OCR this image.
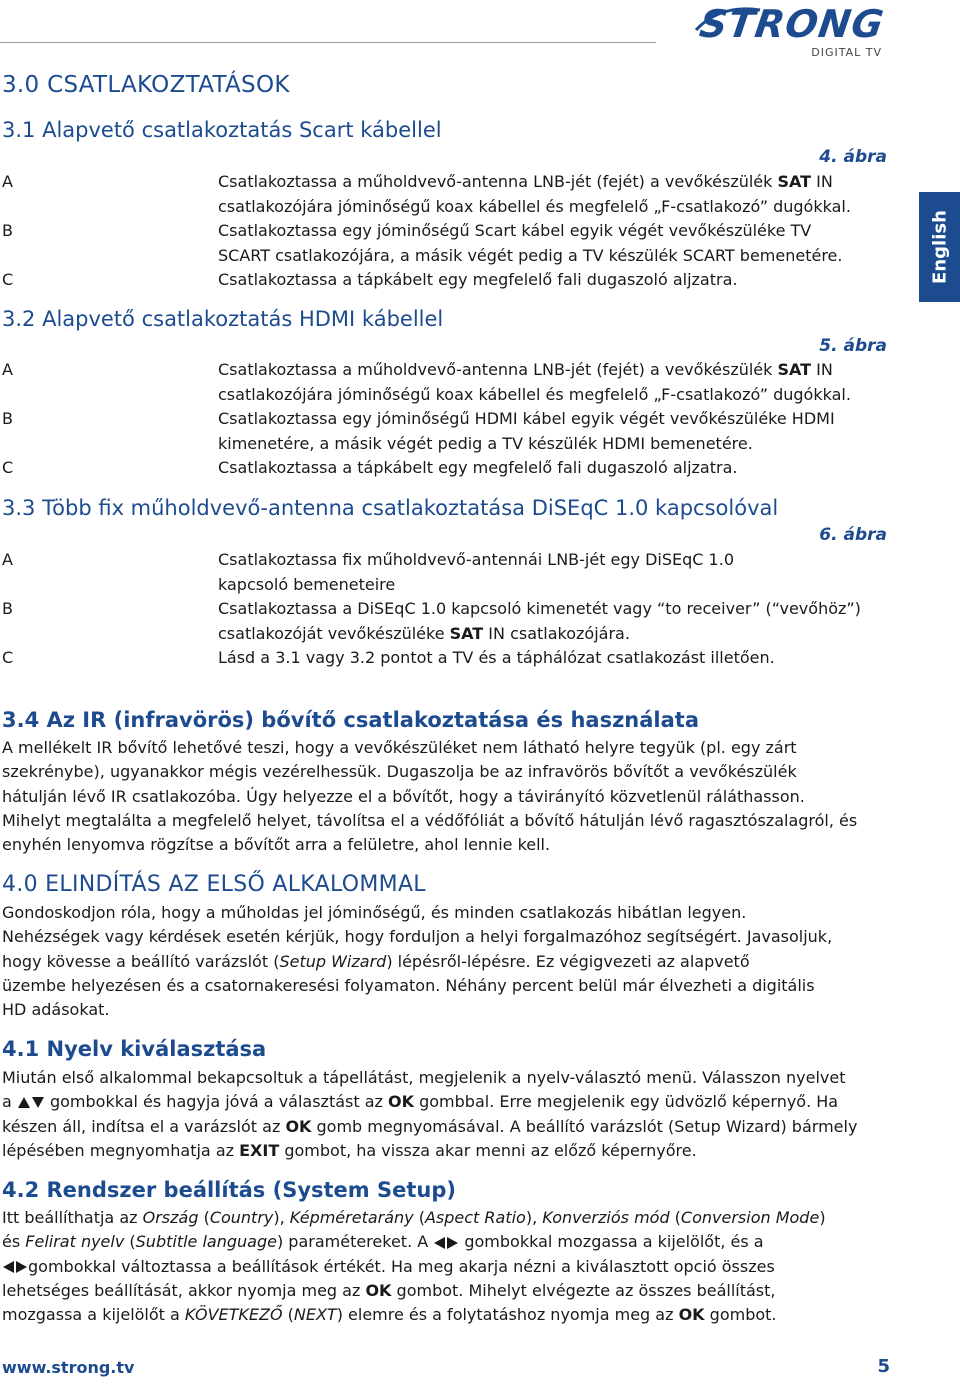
STRONG
DIGITAL TV
English
3.0 CSATLAKOZTATÁSOK
3.1 Alapvető csatlakoztatás Scart kábellel
4. ábra
A	Csatlakoztassa a műholdvevő-antenna LNB-jét (fejét) a vevőkészülék SAT IN
csatlakozójára jóminőségű koax kábellel és megfelelő „F-csatlakozó” dugókkal.
B	Csatlakoztassa egy jóminőségű Scart kábel egyik végét vevőkészüléke TV
SCART csatlakozójára, a másik végét pedig a TV készülék SCART bemenetére.
C	Csatlakoztassa a tápkábelt egy megfelelő fali dugaszoló aljzatra.
3.2 Alapvető csatlakoztatás HDMI kábellel
5. ábra
A	Csatlakoztassa a műholdvevő-antenna LNB-jét (fejét) a vevőkészülék SAT IN
csatlakozójára jóminőségű koax kábellel és megfelelő „F-csatlakozó” dugókkal.
B	Csatlakoztassa egy jóminőségű HDMI kábel egyik végét vevőkészüléke HDMI
kimenetére, a másik végét pedig a TV készülék HDMI bemenetére.
C	Csatlakoztassa a tápkábelt egy megfelelő fali dugaszoló aljzatra.
3.3 Több fix műholdvevő-antenna csatlakoztatása DiSEqC 1.0 kapcsolóval
6. ábra
A	Csatlakoztassa fix műholdvevő-antennái LNB-jét egy DiSEqC 1.0
kapcsoló bemeneteire
B	Csatlakoztassa a DiSEqC 1.0 kapcsoló kimenetét vagy “to receiver” (“vevőhöz”)
csatlakozóját vevőkészüléke SAT IN csatlakozójára.
C	Lásd a 3.1 vagy 3.2 pontot a TV és a táphálózat csatlakozást illetően.
3.4 Az IR (infravörös) bővítő csatlakoztatása és használata
A mellékelt IR bővítő lehetővé teszi, hogy a vevőkészüléket nem látható helyre tegyük (pl. egy zárt
szekrénybe), ugyanakkor mégis vezérelhessük. Dugaszolja be az infravörös bővítőt a vevőkészülék
hátulján lévő IR csatlakozóba. Úgy helyezze el a bővítőt, hogy a távirányító közvetlenül ráláthasson.
Mihelyt megtalálta a megfelelő helyet, távolítsa el a védőfóliát a bővítő hátulján lévő ragasztószalagról, és
enyhén lenyomva rögzítse a bővítőt arra a felületre, ahol lennie kell.
4.0 ELINDÍTÁS AZ ELSŐ ALKALOMMAL
Gondoskodjon róla, hogy a műholdas jel jóminőségű, és minden csatlakozás hibátlan legyen.
Nehézségek vagy kérdések esetén kérjük, hogy forduljon a helyi forgalmazóhoz segítségért. Javasoljuk,
hogy kövesse a beállító varázslót (Setup Wizard) lépésről-lépésre. Ez végigvezeti az alapvető
üzembe helyezésen és a csatornakeresési folyamaton. Néhány percent belül már élvezheti a digitális
HD adásokat.
4.1 Nyelv kiválasztása
Miután első alkalommal bekapcsoltuk a tápellátást, megjelenik a nyelv-választó menü. Válasszon nyelvet
a  gombokkal és hagyja jóvá a választást az OK gombbal. Erre megjelenik egy üdvözlő képernyő. Ha
készen áll, indítsa el a varázslót az OK gomb megnyomásával. A beállító varázslót (Setup Wizard) bármely
lépésében megnyomhatja az EXIT gombot, ha vissza akar menni az előző képernyőre.
4.2 Rendszer beállítás (System Setup)
Itt beállíthatja az Ország (Country), Képméretarány (Aspect Ratio), Konverziós mód (Conversion Mode)
és Felirat nyelv (Subtitle language) paramétereket. A  gombokkal mozgassa a kijelölőt, és a
gombokkal változtassa a beállítások értékét. Ha meg akarja nézni a kiválasztott opció összes
lehetséges beállítását, akkor nyomja meg az OK gombot. Mihelyt elvégezte az összes beállítást,
mozgassa a kijelölőt a KÖVETKEZŐ (NEXT) elemre és a folytatáshoz nyomja meg az OK gombot.
www.strong.tv	5
